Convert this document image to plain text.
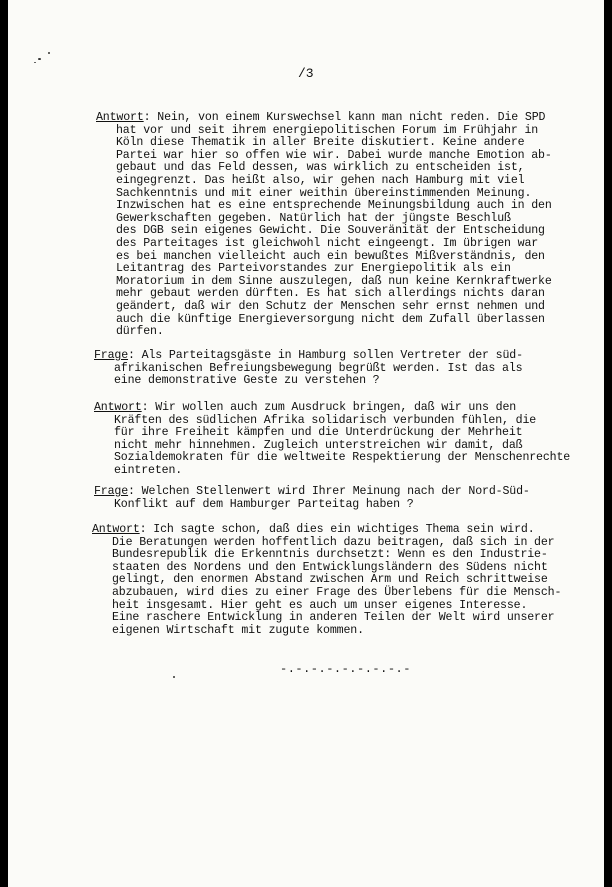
/3
Antwort: Nein, von einem Kurswechsel kann man nicht reden. Die SPD
hat vor und seit ihrem energiepolitischen Forum im Frühjahr in
Köln diese Thematik in aller Breite diskutiert. Keine andere
Partei war hier so offen wie wir. Dabei wurde manche Emotion ab-
gebaut und das Feld dessen, was wirklich zu entscheiden ist,
eingegrenzt. Das heißt also, wir gehen nach Hamburg mit viel
Sachkenntnis und mit einer weithin übereinstimmenden Meinung.
Inzwischen hat es eine entsprechende Meinungsbildung auch in den
Gewerkschaften gegeben. Natürlich hat der jüngste Beschluß
des DGB sein eigenes Gewicht. Die Souveränität der Entscheidung
des Parteitages ist gleichwohl nicht eingeengt. Im übrigen war
es bei manchen vielleicht auch ein bewußtes Mißverständnis, den
Leitantrag des Parteivorstandes zur Energiepolitik als ein
Moratorium in dem Sinne auszulegen, daß nun keine Kernkraftwerke
mehr gebaut werden dürften. Es hat sich allerdings nichts daran
geändert, daß wir den Schutz der Menschen sehr ernst nehmen und
auch die künftige Energieversorgung nicht dem Zufall überlassen
dürfen.
Frage: Als Parteitagsgäste in Hamburg sollen Vertreter der süd-
afrikanischen Befreiungsbewegung begrüßt werden. Ist das als
eine demonstrative Geste zu verstehen ?
Antwort: Wir wollen auch zum Ausdruck bringen, daß wir uns den
Kräften des südlichen Afrika solidarisch verbunden fühlen, die
für ihre Freiheit kämpfen und die Unterdrückung der Mehrheit
nicht mehr hinnehmen. Zugleich unterstreichen wir damit, daß
Sozialdemokraten für die weltweite Respektierung der Menschenrechte
eintreten.
Frage: Welchen Stellenwert wird Ihrer Meinung nach der Nord-Süd-
Konflikt auf dem Hamburger Parteitag haben ?
Antwort: Ich sagte schon, daß dies ein wichtiges Thema sein wird.
Die Beratungen werden hoffentlich dazu beitragen, daß sich in der
Bundesrepublik die Erkenntnis durchsetzt: Wenn es den Industrie-
staaten des Nordens und den Entwicklungsländern des Südens nicht
gelingt, den enormen Abstand zwischen Arm und Reich schrittweise
abzubauen, wird dies zu einer Frage des Überlebens für die Mensch-
heit insgesamt. Hier geht es auch um unser eigenes Interesse.
Eine raschere Entwicklung in anderen Teilen der Welt wird unserer
eigenen Wirtschaft mit zugute kommen.
-.-.-.-.-.-.-.-.-
